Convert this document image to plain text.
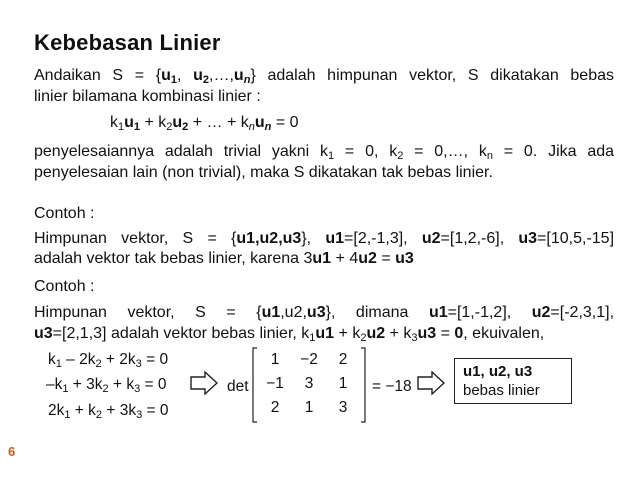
Kebebasan Linier
Andaikan $S = \{u_1$, $u_2,\dots,u_n$} adalah himpunan vektor, S dikatakan bebas
linier bilamana kombinasi linier :
$k_1u_1 + k_2u_2$ + … + $k_nu_n = 0$
penyelesaiannya adalah trivial yakni $k_1 = 0$, $k_2$ = 0,…, $k_n = 0$. Jika ada
penyelesaian lain (non trivial), maka S dikatakan tak bebas linier.
Contoh :
Himpunan vektor, S = {u1,u2,u3}, u1=[2,-1,3], u2=[1,2,-6], u3=[10,5,-15]
adalah vektor tak bebas linier, karena 3u1 + 4u2 = u3
Contoh :
Himpunan vektor, S = {u1,u2,u3}, dimana u1=[1,-1,2], u2=[-2,3,1],
u3=[2,1,3] adalah vektor bebas linier, $k_1u1 + k_2u2 + k_3u3 = 0$, ekuivalen,
$k_1 - 2k_2 + 2k_3 = 0$
$-k_1 + 3k_2 + k_3 = 0$
$2k_1 + k_2 + 3k_3 = 0$
det
1	−2	2
−1	3	1
2	1	3
= −18
u1, u2, u3
bebas linier
6
